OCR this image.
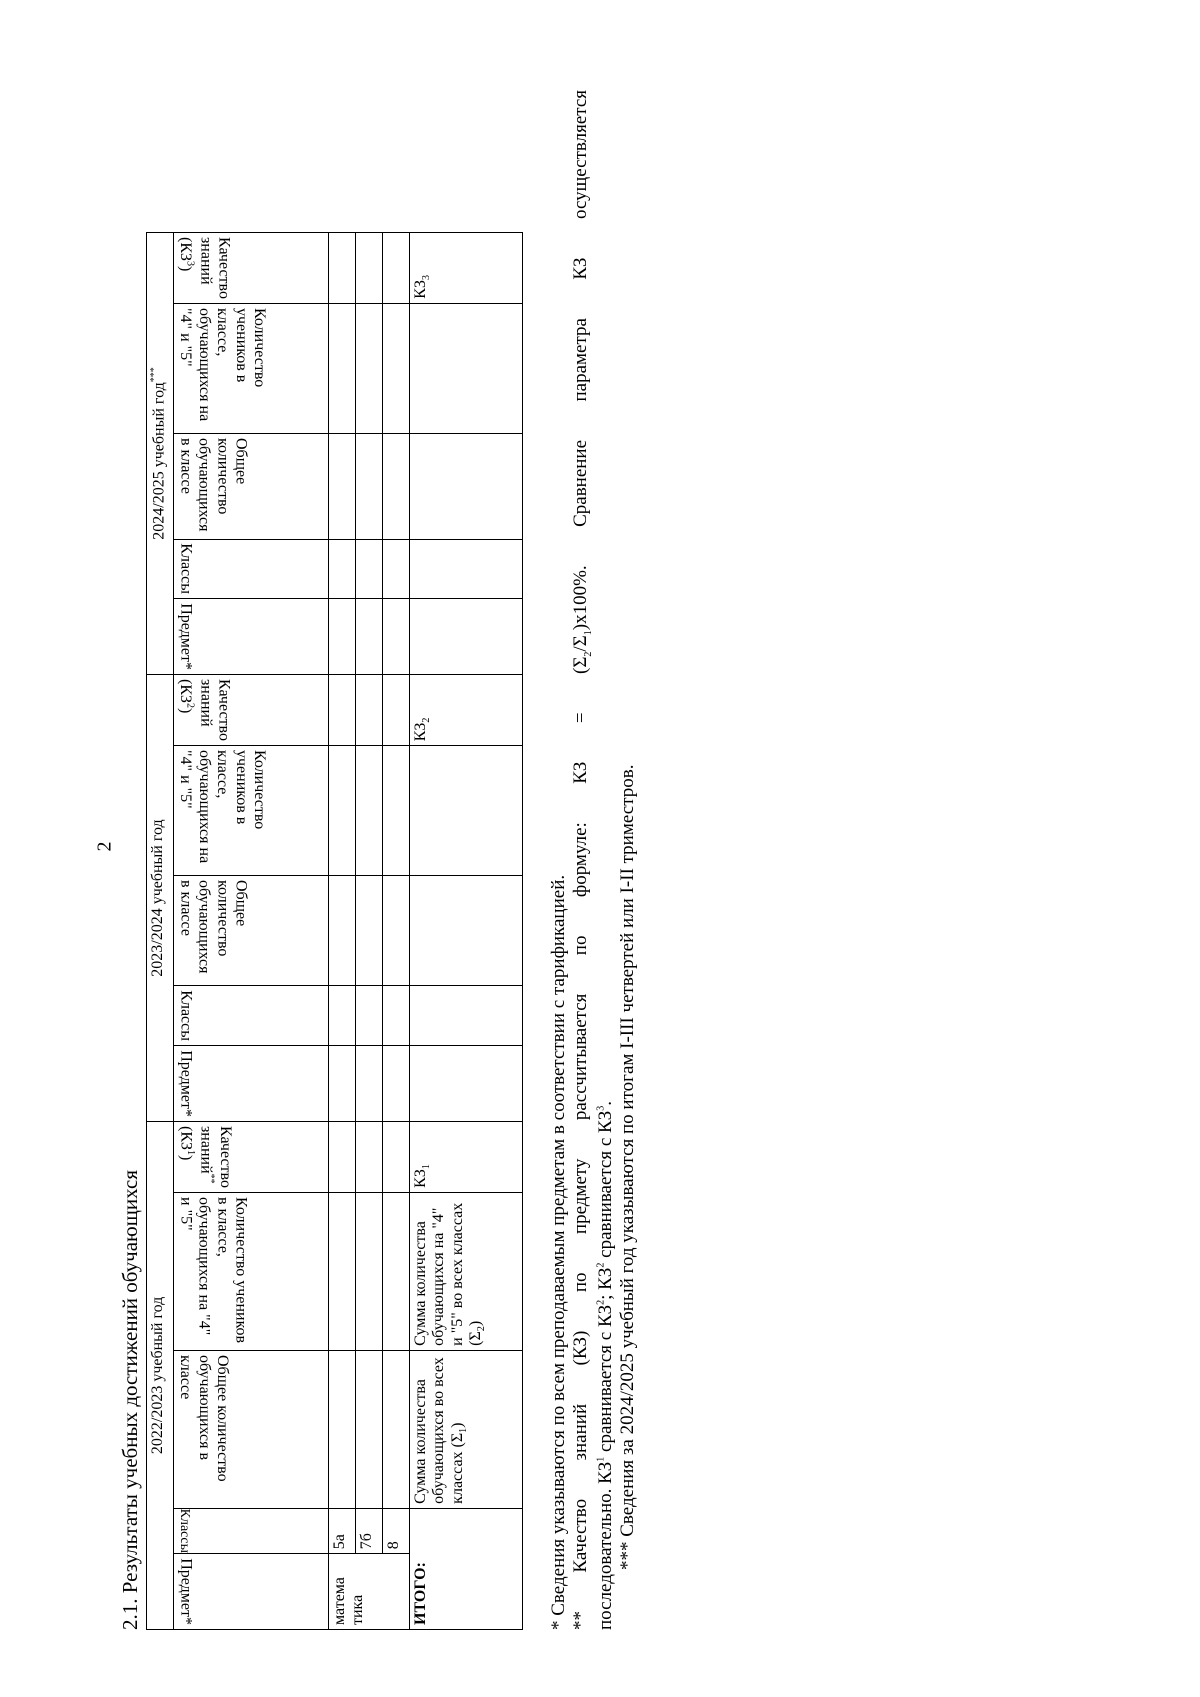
2
2.1. Результаты учебных достижений обучающихся 2022/2023 учебный год					2023/2024 учебный год					2024/2025 учебный год***
Предмет*	Классы	Общее количество обучающихся в классе	Количество учеников в классе, обучающихся на "4" и "5"	Качество знаний** $(КЗ^1)$	Предмет*	Классы	Общее количество обучающихся в классе	Количество учеников в классе, обучающихся на "4" и "5"	Качество знаний $(КЗ^2)$	Предмет*	Классы	Общее количество обучающихся в классе	Количество учеников в классе, обучающихся на "4" и "5"	Качество знаний $(КЗ^3)$
матема
тика	5а													
	7б													
	8													
ИТОГО:		Сумма количества обучающихся во всех классах $(\Sigma_1)$	Сумма количества обучающихся на "4" и "5" во всех классах $(\Sigma_2)$	$КЗ_1$					$КЗ_2$					$КЗ_3$

* Сведения указываются по всем преподаваемым предметам в соответствии с тарификацией. ** Качество знаний (КЗ) по предмету рассчитывается по формуле: КЗ = $(\Sigma_2/\Sigma_1)х100\%$. Сравнение параметра КЗ осуществляется

последовательно. $КЗ^1$ сравнивается с $КЗ^2$; $КЗ^2$ сравнивается с $КЗ^3$. *** Сведения за 2024/2025 учебный год указываются по итогам I-III четвертей или I-II триместров.
